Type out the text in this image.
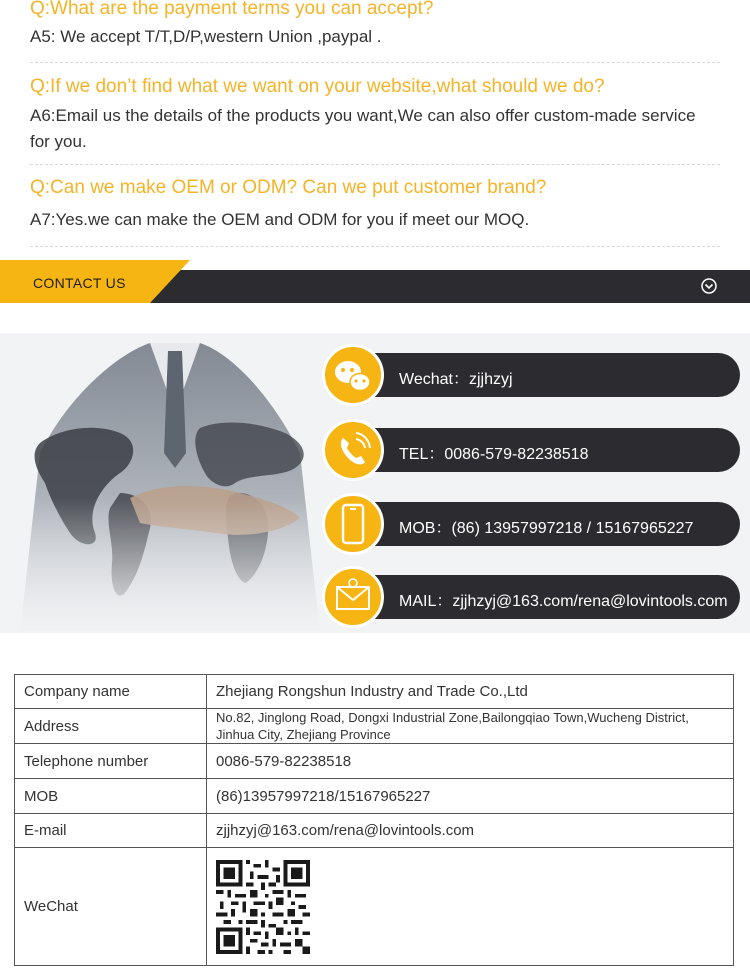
Q:What are the payment terms you can accept?
A5: We accept T/T,D/P,western Union ,paypal .
Q:If we don’t find what we want on your website,what should we do?
A6:Email us the details of the products you want,We can also offer custom-made service for you.
Q:Can we make OEM or ODM? Can we put customer brand?
A7:Yes.we can make the OEM and ODM for you if meet our MOQ.
CONTACT US
Wechat：zjjhzyj
TEL：0086-579-82238518
MOB：(86) 13957997218 / 15167965227
MAIL：zjjhzyj@163.com/rena@lovintools.com
Company name	Zhejiang Rongshun Industry and Trade Co.,Ltd
Address	No.82, Jinglong Road, Dongxi Industrial Zone,Bailongqiao Town,Wucheng District, Jinhua City, Zhejiang Province
Telephone number	0086-579-82238518
MOB	(86)13957997218/15167965227
E-mail	zjjhzyj@163.com/rena@lovintools.com
WeChat	
